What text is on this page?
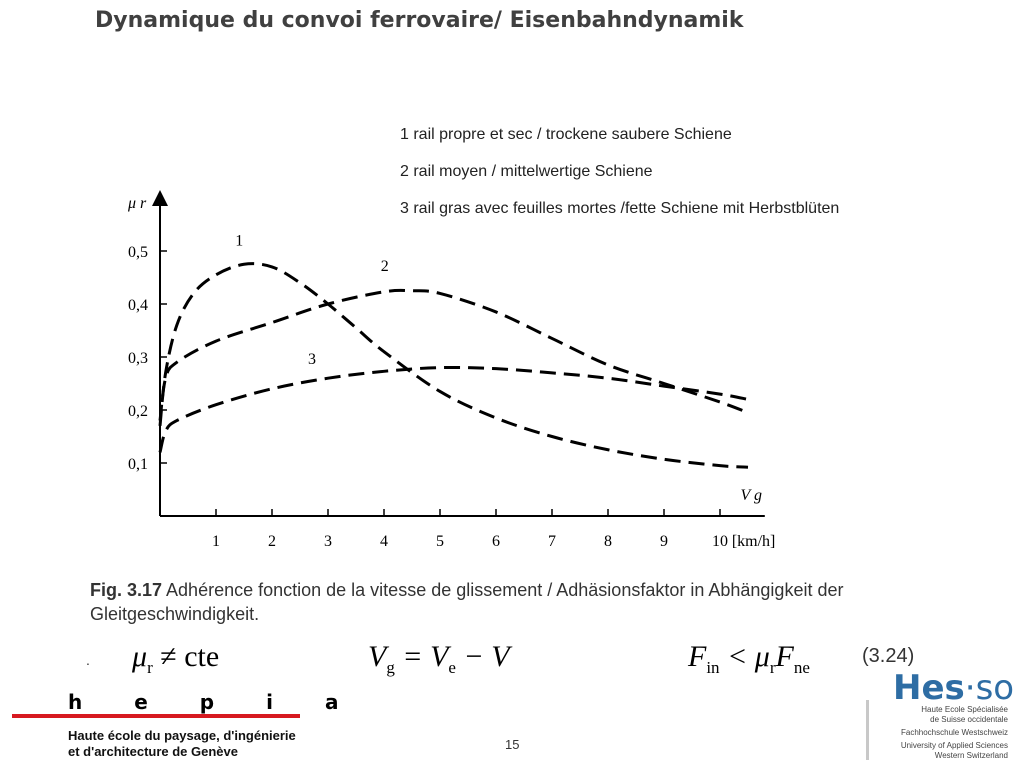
Dynamique du convoi ferrovaire/ Eisenbahndynamik
1 rail propre et sec / trockene saubere Schiene
2 rail moyen / mittelwertige Schiene
3 rail gras avec feuilles mortes /fette Schiene mit Herbstblüten
1	2	3	4	5	6	7	8	9	10
0,1
0,2
0,3
0,4
0,5
μ r
V g
[km/h]
1
2
3
Fig. 3.17 Adhérence fonction de la vitesse de glissement / Adhäsionsfaktor in Abhängigkeit der Gleitgeschwindigkeit.
. $\mu_r$ ≠ cte	$V_g = V_e - V$	$F_{in} < \mu_rF_{ne}$
(3.24)
hepia
Haute école du paysage, d'ingénierie
et d'architecture de Genève	15
Hes·so
Haute Ecole Spécialisée
de Suisse occidentale
Fachhochschule Westschweiz
University of Applied Sciences
Western Switzerland
